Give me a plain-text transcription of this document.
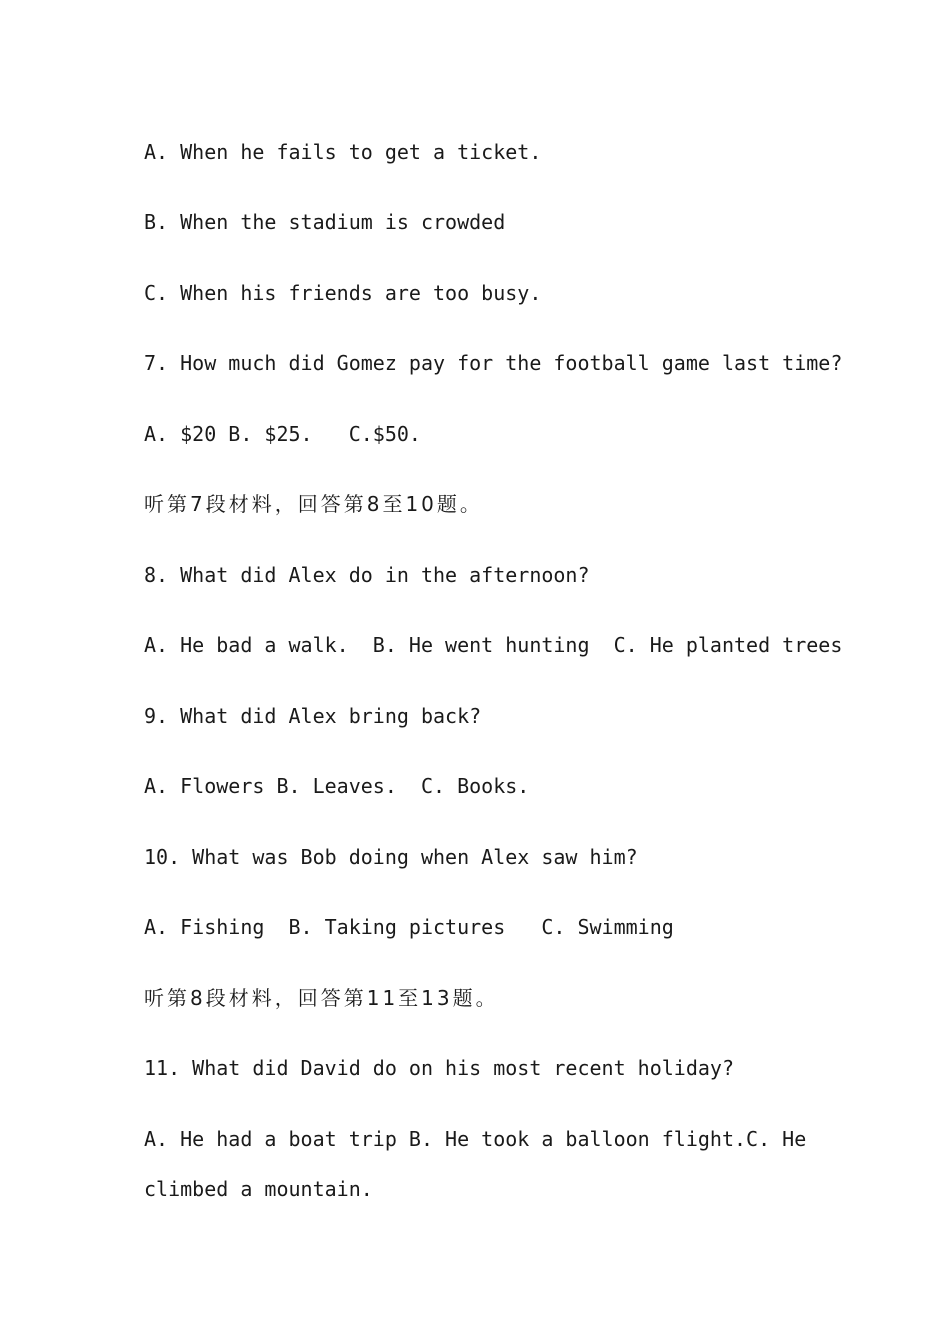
A. When he fails to get a ticket.
B. When the stadium is crowded
C. When his friends are too busy.
7. How much did Gomez pay for the football game last time?
A. $20 B. $25.   C.$50.
听第7段材料，回答第8至10题。
8. What did Alex do in the afternoon?
A. He bad a walk.  B. He went hunting  C. He planted trees
9. What did Alex bring back?
A. Flowers B. Leaves.  C. Books.
10. What was Bob doing when Alex saw him?
A. Fishing  B. Taking pictures   C. Swimming
听第8段材料，回答第11至13题。
11. What did David do on his most recent holiday?
A. He had a boat trip B. He took a balloon flight.C. He
climbed a mountain.
